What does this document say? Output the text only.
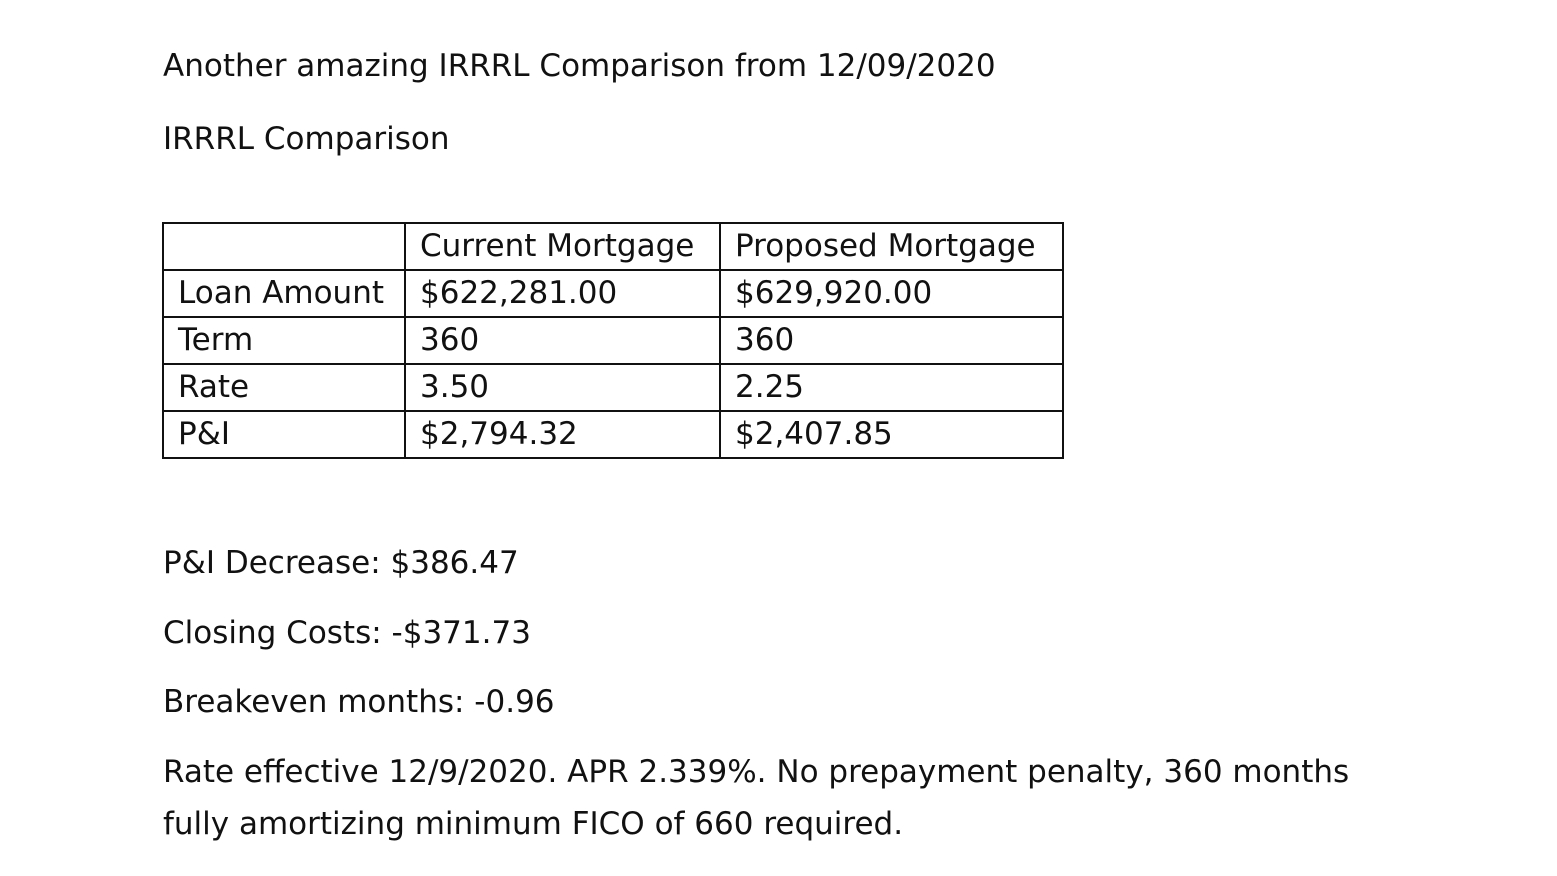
Another amazing IRRRL Comparison from 12/09/2020
IRRRL Comparison
	Current Mortgage	Proposed Mortgage
Loan Amount	$622,281.00	$629,920.00
Term	360	360
Rate	3.50	2.25
P&I	$2,794.32	$2,407.85
P&I Decrease: $386.47
Closing Costs: -$371.73
Breakeven months: -0.96
Rate effective 12/9/2020. APR 2.339%. No prepayment penalty, 360 months
fully amortizing minimum FICO of 660 required.
